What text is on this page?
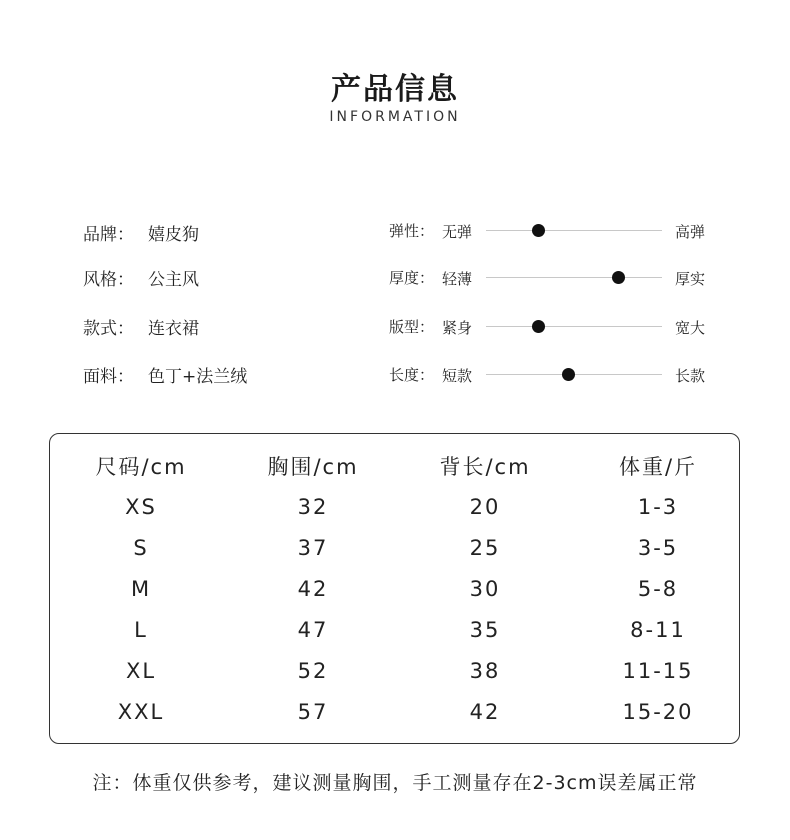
产品信息
INFORMATION
品牌： 嬉皮狗
风格： 公主风
款式： 连衣裙
面料： 色丁+法兰绒
弹性： 无弹	高弹
厚度： 轻薄	厚实
版型： 紧身	宽大
长度： 短款	长款
尺码/cm	胸围/cm	背长/cm	体重/斤
XS	32	20	1-3
S	37	25	3-5
M	42	30	5-8
L	47	35	8-11
XL	52	38	11-15
XXL	57	42	15-20
注：体重仅供参考，建议测量胸围，手工测量存在2-3cm误差属正常
